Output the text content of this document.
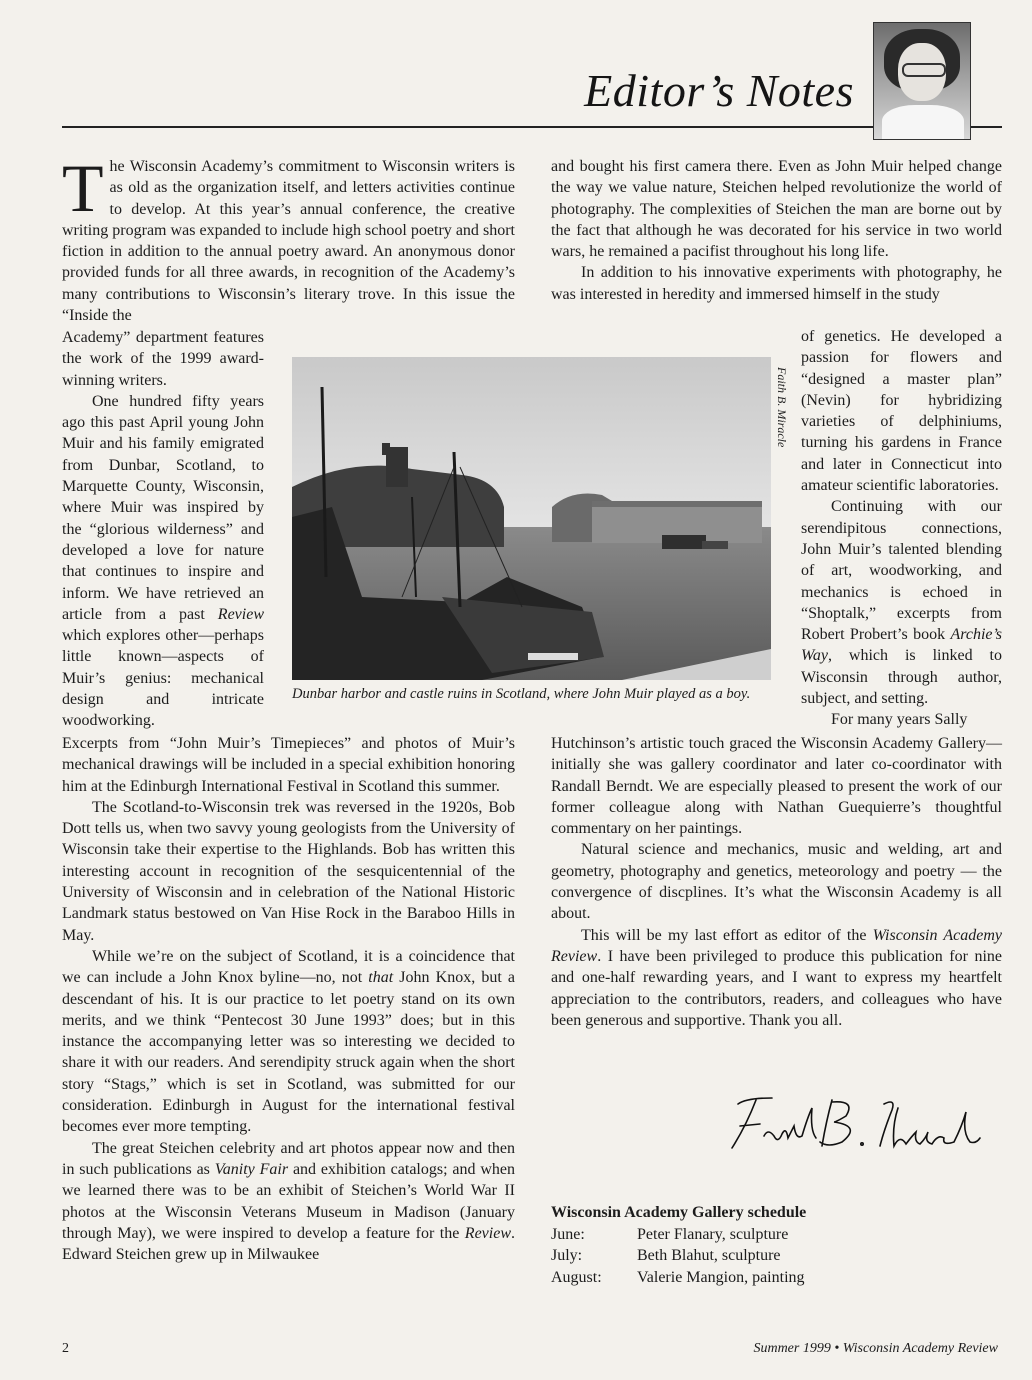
Editor’s Notes

The Wisconsin Academy’s commitment to Wisconsin writers is as old as the organization itself, and letters activities continue to develop. At this year’s annual conference, the creative writing program was expanded to include high school poetry and short fiction in addition to the annual poetry award. An anonymous donor provided funds for all three awards, in recognition of the Academy’s many contributions to Wisconsin’s literary trove. In this issue the “Inside the

Academy” department features the work of the 1999 award-winning writers.

One hundred fifty years ago this past April young John Muir and his family emigrated from Dunbar, Scotland, to Marquette County, Wisconsin, where Muir was inspired by the “glorious wilderness” and developed a love for nature that continues to inspire and inform. We have retrieved an article from a past Review which explores other—perhaps little known—aspects of Muir’s genius: mechanical design and intricate woodworking.

Excerpts from “John Muir’s Timepieces” and photos of Muir’s mechanical drawings will be included in a special exhibition honoring him at the Edinburgh International Festival in Scotland this summer.

The Scotland-to-Wisconsin trek was reversed in the 1920s, Bob Dott tells us, when two savvy young geologists from the University of Wisconsin take their expertise to the Highlands. Bob has written this interesting account in recognition of the sesquicentennial of the University of Wisconsin and in celebration of the National Historic Landmark status bestowed on Van Hise Rock in the Baraboo Hills in May.

While we’re on the subject of Scotland, it is a coincidence that we can include a John Knox byline—no, not that John Knox, but a descendant of his. It is our practice to let poetry stand on its own merits, and we think “Pentecost 30 June 1993” does; but in this instance the accompanying letter was so interesting we decided to share it with our readers. And serendipity struck again when the short story “Stags,” which is set in Scotland, was submitted for our consideration. Edinburgh in August for the international festival becomes ever more tempting.

The great Steichen celebrity and art photos appear now and then in such publications as Vanity Fair and exhibition catalogs; and when we learned there was to be an exhibit of Steichen’s World War II photos at the Wisconsin Veterans Museum in Madison (January through May), we were inspired to develop a feature for the Review. Edward Steichen grew up in Milwaukee

and bought his first camera there. Even as John Muir helped change the way we value nature, Steichen helped revolutionize the world of photography. The complexities of Steichen the man are borne out by the fact that although he was decorated for his service in two world wars, he remained a pacifist throughout his long life.

In addition to his innovative experiments with photography, he was interested in heredity and immersed himself in the study

of genetics. He developed a passion for flowers and “designed a master plan” (Nevin) for hybridizing varieties of delphiniums, turning his gardens in France and later in Connecticut into amateur scientific laboratories.

Continuing with our serendipitous connections, John Muir’s talented blending of art, woodworking, and mechanics is echoed in “Shoptalk,” excerpts from Robert Probert’s book Archie’s Way, which is linked to Wisconsin through author, subject, and setting.

For many years Sally

Hutchinson’s artistic touch graced the Wisconsin Academy Gallery—initially she was gallery coordinator and later co-coordinator with Randall Berndt. We are especially pleased to present the work of our former colleague along with Nathan Guequierre’s thoughtful commentary on her paintings.

Natural science and mechanics, music and welding, art and geometry, photography and genetics, meteorology and poetry — the convergence of discplines. It’s what the Wisconsin Academy is all about.

This will be my last effort as editor of the Wisconsin Academy Review. I have been privileged to produce this publication for nine and one-half rewarding years, and I want to express my heartfelt appreciation to the contributors, readers, and colleagues who have been generous and supportive. Thank you all.

Faith B. Miracle
Dunbar harbor and castle ruins in Scotland, where John Muir played as a boy.
Wisconsin Academy Gallery schedule
June:	Peter Flanary, sculpture
July:	Beth Blahut, sculpture
August:	Valerie Mangion, painting
2	Summer 1999 • Wisconsin Academy Review
